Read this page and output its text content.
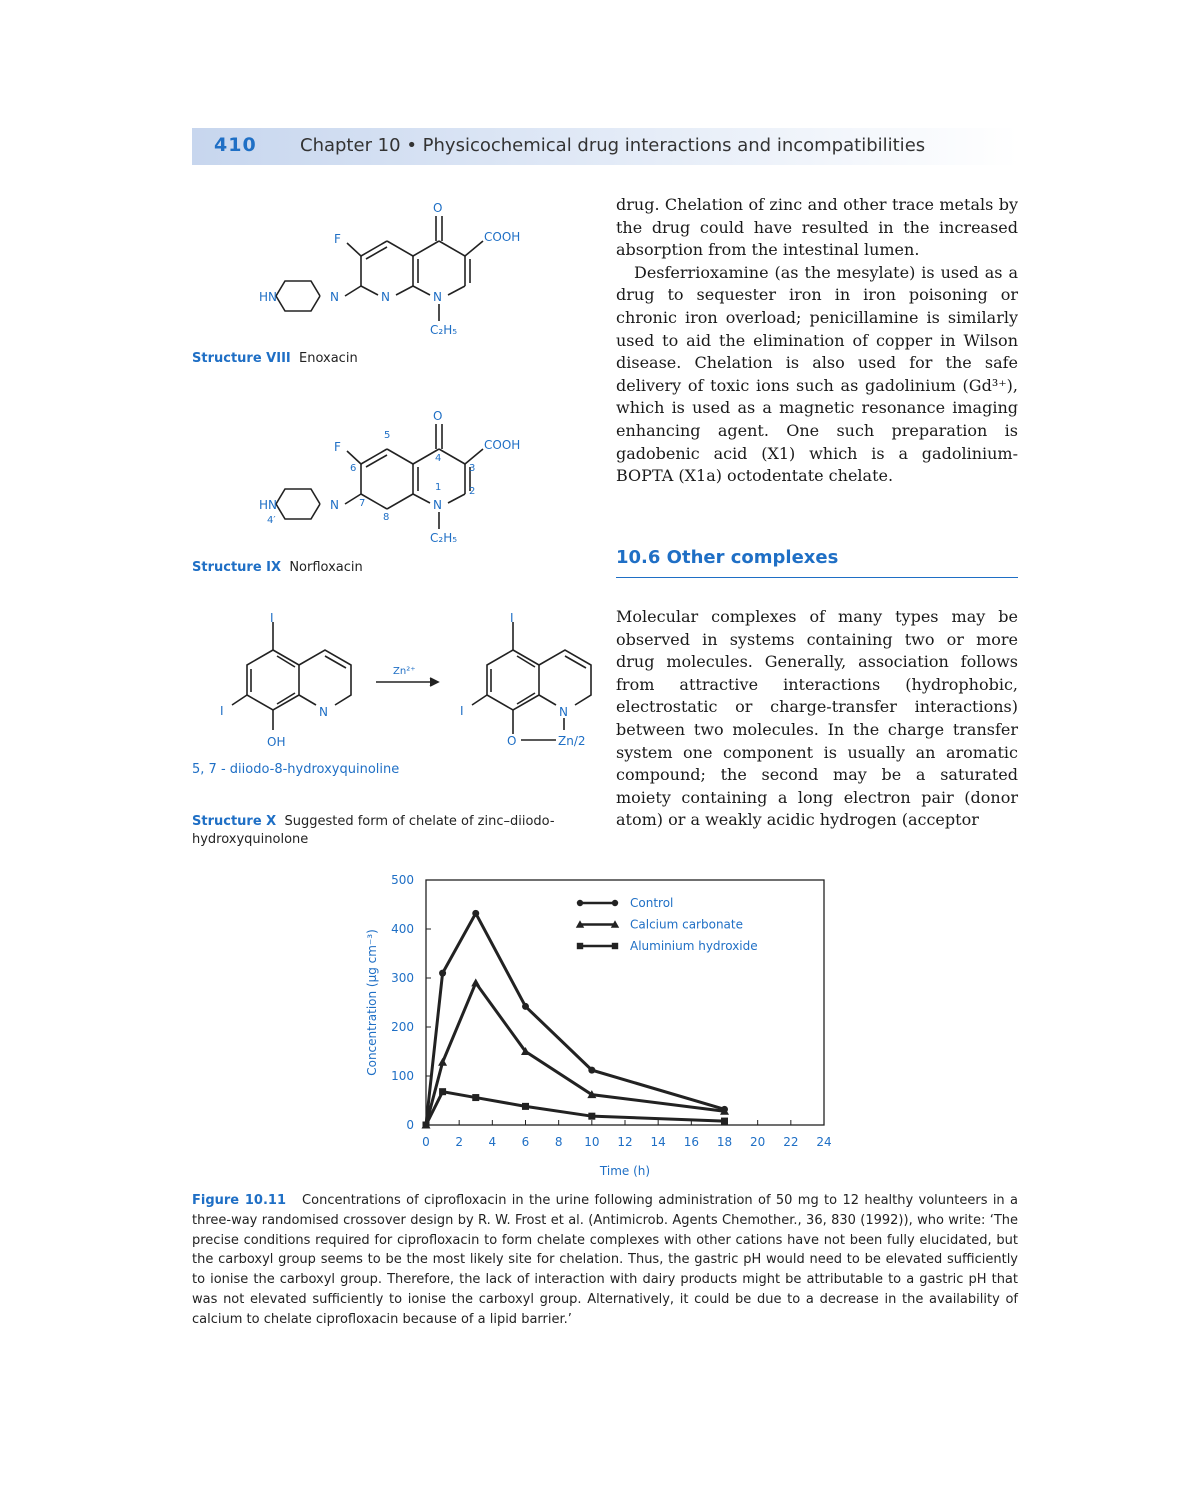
410 Chapter 10 • Physicochemical drug interactions and incompatibilities
HN	N	N	N
F
O
COOH
C₂H₅
Structure VIII Enoxacin
HN	N	N
F
O
COOH
C₂H₅
1	2
3
4
5
6
7
8
4′
Structure IX Norfloxacin
I
I	N
OH
Zn²⁺
I
I	N
O	Zn/2
5, 7 - diiodo-8-hydroxyquinoline
Structure X Suggested form of chelate of zinc–diiodo-
hydroxyquinolone

drug. Chelation of zinc and other trace metals by the drug could have resulted in the increased absorption from the intestinal lumen.

Desferrioxamine (as the mesylate) is used as a drug to sequester iron in iron poisoning or chronic iron overload; penicillamine is similarly used to aid the elimination of copper in Wilson disease. Chelation is also used for the safe delivery of toxic ions such as gadolinium (Gd³⁺), which is used as a magnetic resonance imaging enhancing agent. One such preparation is gadobenic acid (X1) which is a gadolinium-BOPTA (X1a) octodentate chelate.

10.6 Other complexes

Molecular complexes of many types may be observed in systems containing two or more drug molecules. Generally, association follows from attractive interactions (hydrophobic, electrostatic or charge-transfer interactions) between two molecules. In the charge transfer system one component is usually an aromatic compound; the second may be a saturated moiety containing a long electron pair (donor atom) or a weakly acidic hydrogen (acceptor

0 2 4 6 8 10 12 14 16 18 20 22 24
0
100
200
300
400
500
Time (h)
Concentration (μg cm⁻³)
Control
Calcium carbonate
Aluminium hydroxide
Figure 10.11 Concentrations of ciprofloxacin in the urine following administration of 50 mg to 12 healthy volunteers in a three-way randomised crossover design by R. W. Frost et al. (Antimicrob. Agents Chemother., 36, 830 (1992)), who write: ‘The precise conditions required for ciprofloxacin to form chelate complexes with other cations have not been fully elucidated, but the carboxyl group seems to be the most likely site for chelation. Thus, the gastric pH would need to be elevated sufficiently to ionise the carboxyl group. Therefore, the lack of interaction with dairy products might be attributable to a gastric pH that was not elevated sufficiently to ionise the carboxyl group. Alternatively, it could be due to a decrease in the availability of calcium to chelate ciprofloxacin because of a lipid barrier.’
